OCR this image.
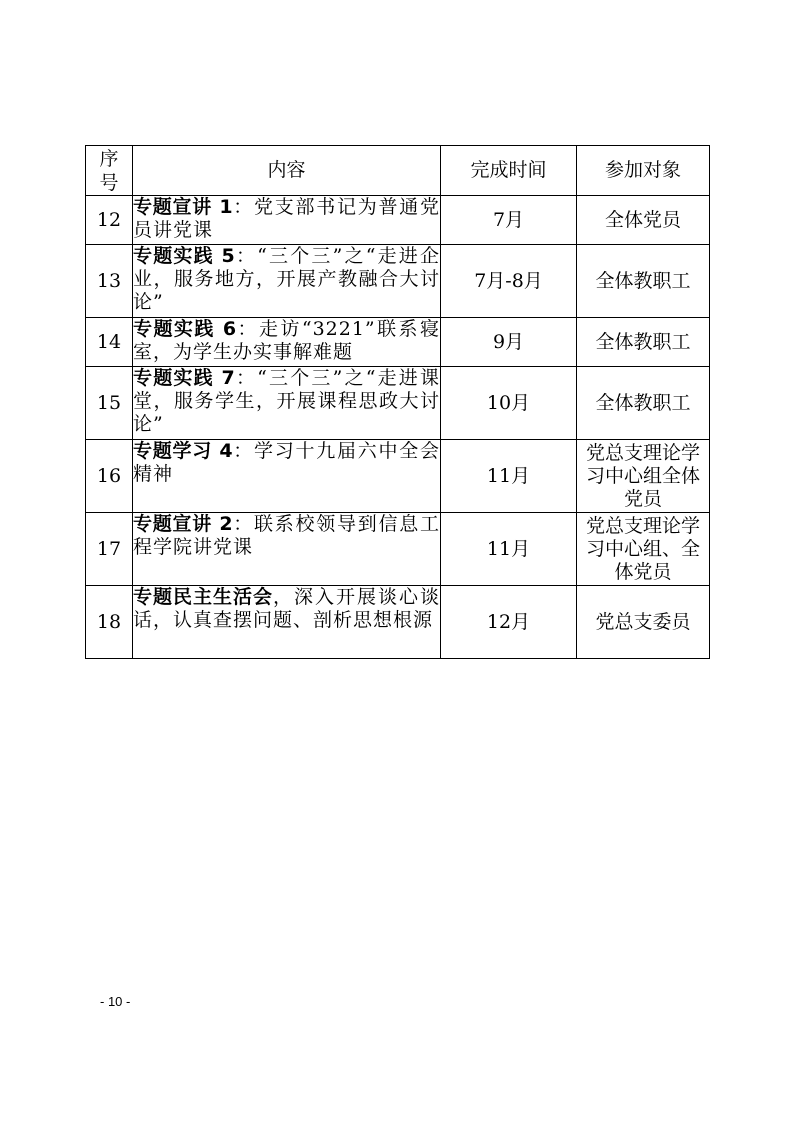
序号	内容	完成时间	参加对象
12	专题宣讲 1：党支部书记为普通党员讲党课	7月	全体党员

13	专题实践 5：“三个三”之“走进企业，服务地方，开展产教融合大讨论”	7月-8月	全体教职工

14	专题实践 6：走访“3221”联系寝室，为学生办实事解难题	9月	全体教职工

15	专题实践 7：“三个三”之“走进课堂，服务学生，开展课程思政大讨论”	10月	全体教职工

16	专题学习 4：学习十九届六中全会精神	11月	党总支理论学习中心组全体党员

17	专题宣讲 2：联系校领导到信息工程学院讲党课	11月	党总支理论学习中心组、全体党员

18	专题民主生活会，深入开展谈心谈话，认真查摆问题、剖析思想根源	12月	党总支委员
- 10 -
